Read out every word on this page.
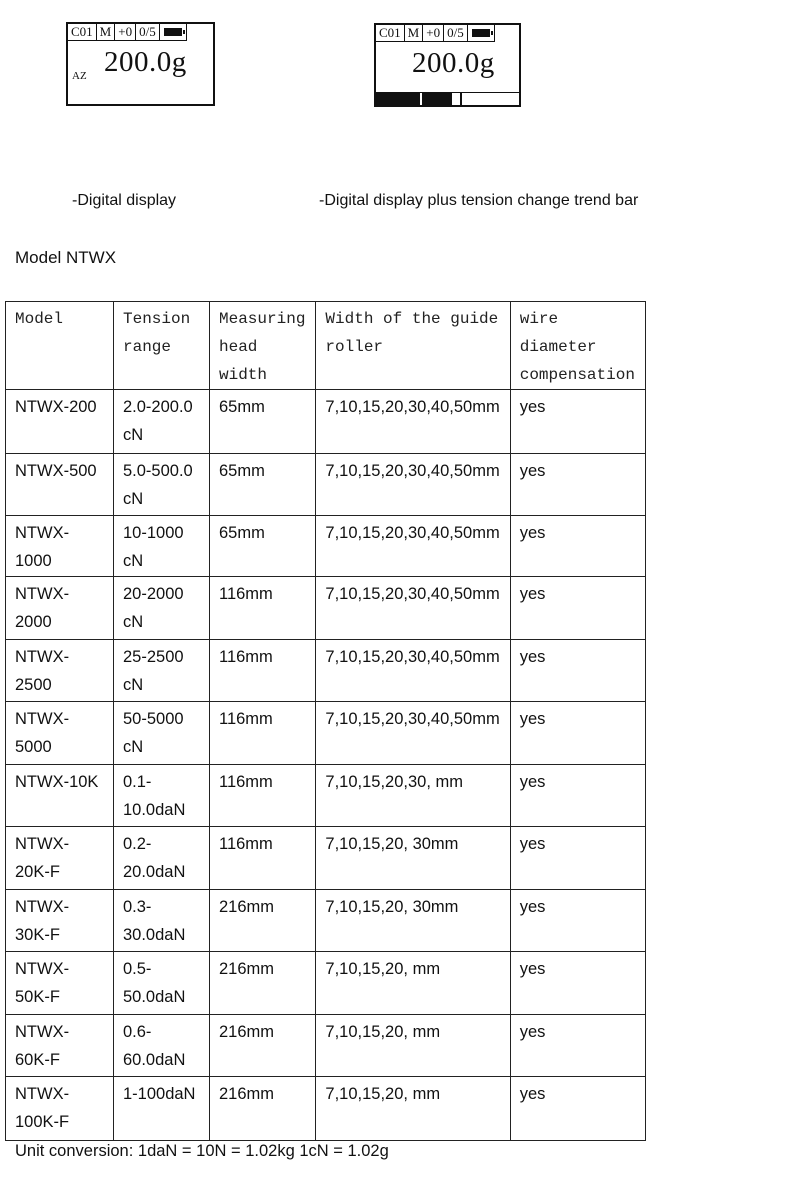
C01 M +0 0/5
200.0g
AZ
C01 M +0 0/5
200.0g
-Digital display	-Digital display plus tension change trend bar
Model NTWX
Model	Tension range	Measuring head width	Width of the guide roller	wire diameter compensation
NTWX-200	2.0-200.0 cN	65mm	7,10,15,20,30,40,50mm	yes
NTWX-500	5.0-500.0 cN	65mm	7,10,15,20,30,40,50mm	yes
NTWX-1000	10-1000 cN	65mm	7,10,15,20,30,40,50mm	yes
NTWX-2000	20-2000 cN	116mm	7,10,15,20,30,40,50mm	yes
NTWX-2500	25-2500 cN	116mm	7,10,15,20,30,40,50mm	yes
NTWX-5000	50-5000 cN	116mm	7,10,15,20,30,40,50mm	yes
NTWX-10K	0.1-10.0daN	116mm	7,10,15,20,30, mm	yes
NTWX-20K-F	0.2-20.0daN	116mm	7,10,15,20, 30mm	yes
NTWX-30K-F	0.3-30.0daN	216mm	7,10,15,20, 30mm	yes
NTWX-50K-F	0.5-50.0daN	216mm	7,10,15,20, mm	yes
NTWX-60K-F	0.6-60.0daN	216mm	7,10,15,20, mm	yes
NTWX-100K-F	1-100daN	216mm	7,10,15,20, mm	yes
Unit conversion: 1daN = 10N = 1.02kg 1cN = 1.02g
